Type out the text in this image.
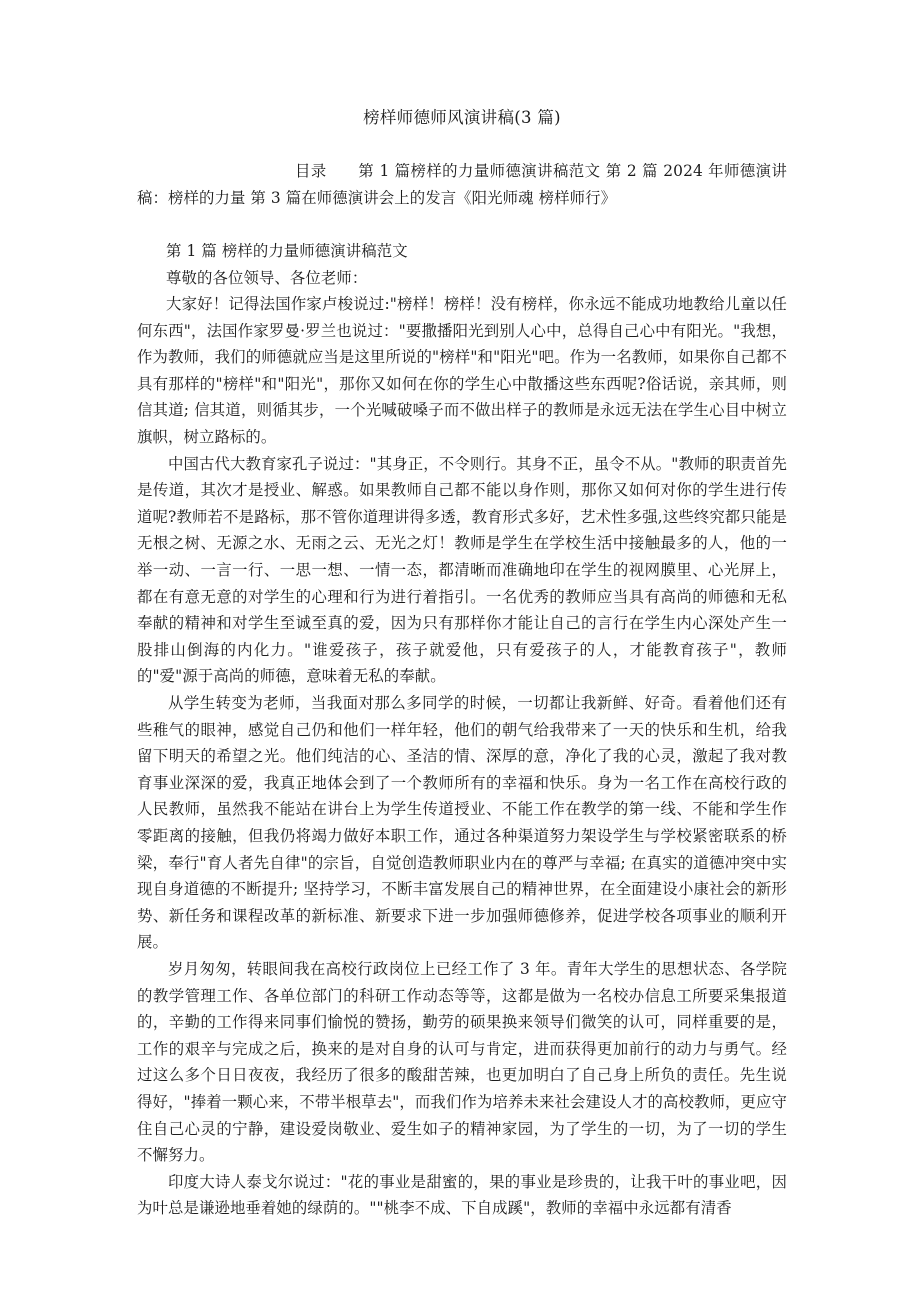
榜样师德师风演讲稿(3 篇)

目录　　第 1 篇榜样的力量师德演讲稿范文 第 2 篇 2024 年师德演讲稿：榜样的力量 第 3 篇在师德演讲会上的发言《阳光师魂 榜样师行》

第 1 篇 榜样的力量师德演讲稿范文

尊敬的各位领导、各位老师：

大家好！记得法国作家卢梭说过:"榜样！榜样！没有榜样，你永远不能成功地教给儿童以任何东西"，法国作家罗曼·罗兰也说过："要撒播阳光到别人心中，总得自己心中有阳光。"我想，作为教师，我们的师德就应当是这里所说的"榜样"和"阳光"吧。作为一名教师，如果你自己都不具有那样的"榜样"和"阳光"，那你又如何在你的学生心中散播这些东西呢?俗话说，亲其师，则信其道; 信其道，则循其步，一个光喊破嗓子而不做出样子的教师是永远无法在学生心目中树立旗帜，树立路标的。

中国古代大教育家孔子说过："其身正，不令则行。其身不正，虽令不从。"教师的职责首先是传道，其次才是授业、解惑。如果教师自己都不能以身作则，那你又如何对你的学生进行传道呢?教师若不是路标，那不管你道理讲得多透，教育形式多好，艺术性多强,这些终究都只能是无根之树、无源之水、无雨之云、无光之灯！教师是学生在学校生活中接触最多的人，他的一举一动、一言一行、一思一想、一情一态，都清晰而准确地印在学生的视网膜里、心光屏上，都在有意无意的对学生的心理和行为进行着指引。一名优秀的教师应当具有高尚的师德和无私奉献的精神和对学生至诚至真的爱，因为只有那样你才能让自己的言行在学生内心深处产生一股排山倒海的内化力。"谁爱孩子，孩子就爱他，只有爱孩子的人，才能教育孩子"，教师的"爱"源于高尚的师德，意味着无私的奉献。

从学生转变为老师，当我面对那么多同学的时候，一切都让我新鲜、好奇。看着他们还有些稚气的眼神，感觉自己仍和他们一样年轻，他们的朝气给我带来了一天的快乐和生机，给我留下明天的希望之光。他们纯洁的心、圣洁的情、深厚的意，净化了我的心灵，激起了我对教育事业深深的爱，我真正地体会到了一个教师所有的幸福和快乐。身为一名工作在高校行政的人民教师，虽然我不能站在讲台上为学生传道授业、不能工作在教学的第一线、不能和学生作零距离的接触，但我仍将竭力做好本职工作，通过各种渠道努力架设学生与学校紧密联系的桥梁，奉行"育人者先自律"的宗旨，自觉创造教师职业内在的尊严与幸福; 在真实的道德冲突中实现自身道德的不断提升; 坚持学习，不断丰富发展自己的精神世界，在全面建设小康社会的新形势、新任务和课程改革的新标准、新要求下进一步加强师德修养，促进学校各项事业的顺利开展。

岁月匆匆，转眼间我在高校行政岗位上已经工作了 3 年。青年大学生的思想状态、各学院的教学管理工作、各单位部门的科研工作动态等等，这都是做为一名校办信息工所要采集报道的，辛勤的工作得来同事们愉悦的赞扬，勤劳的硕果换来领导们微笑的认可，同样重要的是，工作的艰辛与完成之后，换来的是对自身的认可与肯定，进而获得更加前行的动力与勇气。经过这么多个日日夜夜，我经历了很多的酸甜苦辣，也更加明白了自己身上所负的责任。先生说得好，"捧着一颗心来，不带半根草去"，而我们作为培养未来社会建设人才的高校教师，更应守住自己心灵的宁静，建设爱岗敬业、爱生如子的精神家园，为了学生的一切，为了一切的学生不懈努力。

印度大诗人泰戈尔说过："花的事业是甜蜜的，果的事业是珍贵的，让我干叶的事业吧，因为叶总是谦逊地垂着她的绿荫的。""桃李不成、下自成蹊"，教师的幸福中永远都有清香
